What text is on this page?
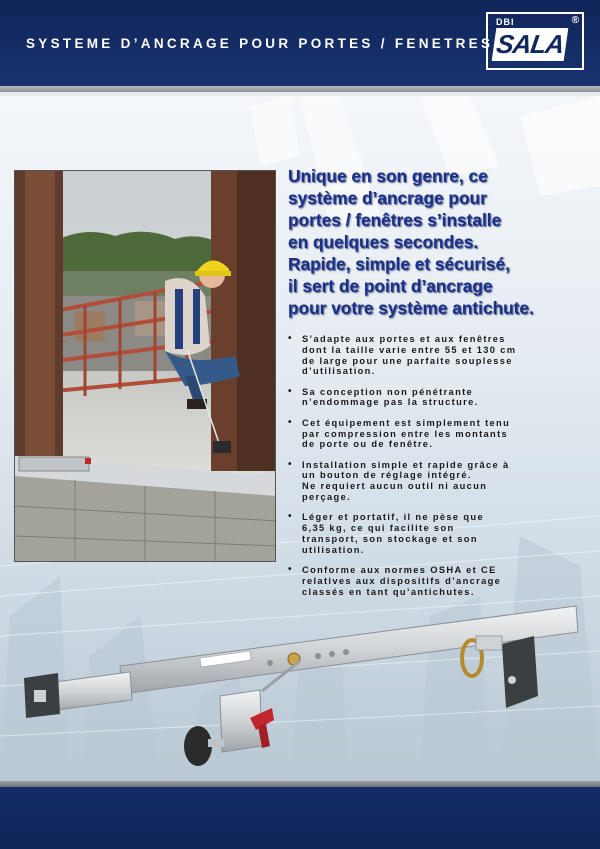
SYSTEME D’ANCRAGE POUR PORTES / FENETRES
DBI
SALA
®
Unique en son genre, ce
système d’ancrage pour
portes / fenêtres s’installe
en quelques secondes.
Rapide, simple et sécurisé,
il sert de point d’ancrage
pour votre système antichute.
• S’adapte aux portes et aux fenêtres
dont la taille varie entre 55 et 130 cm
de large pour une parfaite souplesse
d’utilisation.
• Sa conception non pénétrante
n’endommage pas la structure.
• Cet équipement est simplement tenu
par compression entre les montants
de porte ou de fenêtre.
• Installation simple et rapide grâce à
un bouton de réglage intégré.
Ne requiert aucun outil ni aucun
perçage.
• Léger et portatif, il ne pèse que
6,35 kg, ce qui facilite son
transport, son stockage et son
utilisation.
• Conforme aux normes OSHA et CE
relatives aux dispositifs d’ancrage
classés en tant qu’antichutes.
